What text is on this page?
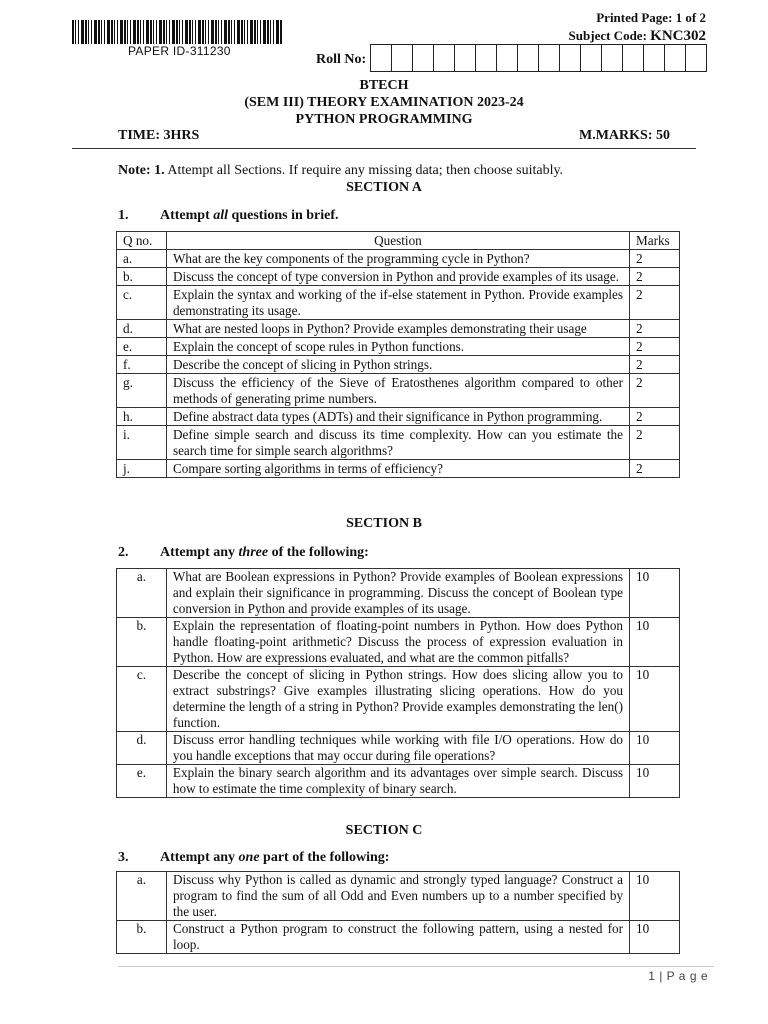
PAPER ID-311230
Printed Page: 1 of 2
Subject Code: KNC302
Roll No:
BTECH
(SEM III) THEORY EXAMINATION 2023-24
PYTHON PROGRAMMING
TIME: 3HRS	M.MARKS: 50
Note: 1. Attempt all Sections. If require any missing data; then choose suitably.
SECTION A
1. Attempt all questions in brief.
Q no.	Question	Marks
a.	What are the key components of the programming cycle in Python?	2
b.	Discuss the concept of type conversion in Python and provide examples of its usage.	2
c.	Explain the syntax and working of the if-else statement in Python. Provide examples demonstrating its usage.	2
d.	What are nested loops in Python? Provide examples demonstrating their usage	2
e.	Explain the concept of scope rules in Python functions.	2
f.	Describe the concept of slicing in Python strings.	2
g.	Discuss the efficiency of the Sieve of Eratosthenes algorithm compared to other methods of generating prime numbers.	2
h.	Define abstract data types (ADTs) and their significance in Python programming.	2
i.	Define simple search and discuss its time complexity. How can you estimate the search time for simple search algorithms?	2
j.	Compare sorting algorithms in terms of efficiency?	2
SECTION B
2. Attempt any three of the following:
a.	What are Boolean expressions in Python? Provide examples of Boolean expressions and explain their significance in programming. Discuss the concept of Boolean type conversion in Python and provide examples of its usage.	10
b.	Explain the representation of floating-point numbers in Python. How does Python handle floating-point arithmetic? Discuss the process of expression evaluation in Python. How are expressions evaluated, and what are the common pitfalls?	10
c.	Describe the concept of slicing in Python strings. How does slicing allow you to extract substrings? Give examples illustrating slicing operations. How do you determine the length of a string in Python? Provide examples demonstrating the len() function.	10
d.	Discuss error handling techniques while working with file I/O operations. How do you handle exceptions that may occur during file operations?	10
e.	Explain the binary search algorithm and its advantages over simple search. Discuss how to estimate the time complexity of binary search.	10
SECTION C
3. Attempt any one part of the following:
a.	Discuss why Python is called as dynamic and strongly typed language? Construct a program to find the sum of all Odd and Even numbers up to a number specified by the user.	10
b.	Construct a Python program to construct the following pattern, using a nested for loop.	10
1 | P a g e
